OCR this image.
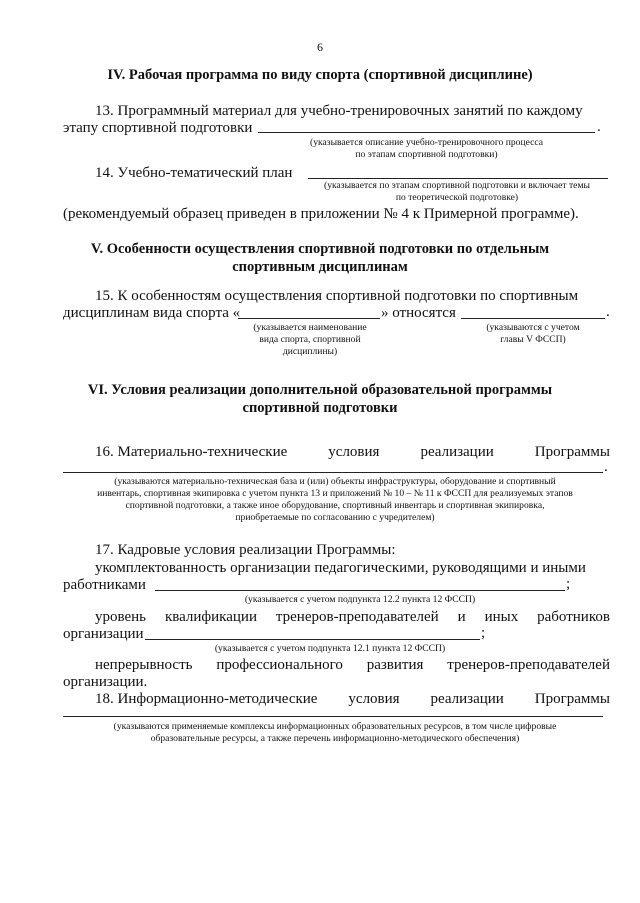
6
IV. Рабочая программа по виду спорта (спортивной дисциплине)
13. Программный материал для учебно-тренировочных занятий по каждому
этапу спортивной подготовки	.
(указывается описание учебно-тренировочного процесса
по этапам спортивной подготовки)
14. Учебно-тематический план
(указывается по этапам спортивной подготовки и включает темы
по теоретической подготовке)
(рекомендуемый образец приведен в приложении № 4 к Примерной программе).
V. Особенности осуществления спортивной подготовки по отдельным
спортивным дисциплинам
15. К особенностям осуществления спортивной подготовки по спортивным
дисциплинам вида спорта «	» относятся	.
(указывается наименование
вида спорта, спортивной
дисциплины)
(указываются с учетом
главы V ФССП)
VI. Условия реализации дополнительной образовательной программы
спортивной подготовки
16. Материально-технические	условия	реализации	Программы
.
(указываются материально-техническая база и (или) объекты инфраструктуры, оборудование и спортивный
инвентарь, спортивная экипировка с учетом пункта 13 и приложений № 10 – № 11 к ФССП для реализуемых этапов
спортивной подготовки, а также иное оборудование, спортивный инвентарь и спортивная экипировка,
приобретаемые по согласованию с учредителем)
17. Кадровые условия реализации Программы:
укомплектованность организации педагогическими, руководящими и иными
работниками	;
(указывается с учетом подпункта 12.2 пункта 12 ФССП)
уровень квалификации тренеров-преподавателей и иных работников
организации	;
(указывается с учетом подпункта 12.1 пункта 12 ФССП)
непрерывность профессионального развития тренеров-преподавателей
организации.
18. Информационно-методические условия реализации Программы
(указываются применяемые комплексы информационных образовательных ресурсов, в том числе цифровые
образовательные ресурсы, а также перечень информационно-методического обеспечения)
